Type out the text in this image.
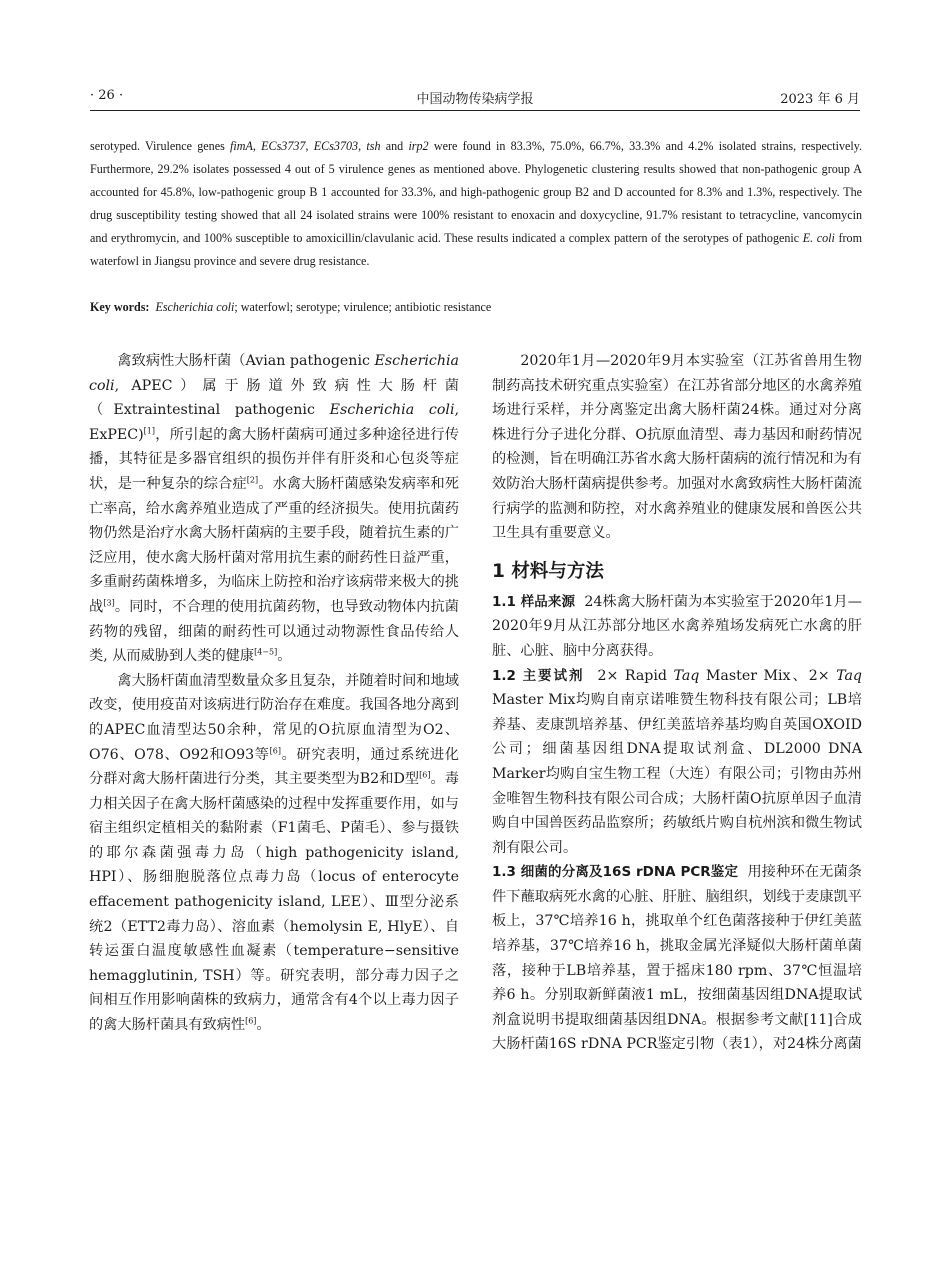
· 26 ·	中国动物传染病学报	2023 年 6 月

serotyped. Virulence genes fimA, ECs3737, ECs3703, tsh and irp2 were found in 83.3%, 75.0%, 66.7%, 33.3% and 4.2% isolated strains, respectively. Furthermore, 29.2% isolates possessed 4 out of 5 virulence genes as mentioned above. Phylogenetic clustering results showed that non-pathogenic group A accounted for 45.8%, low-pathogenic group B 1 accounted for 33.3%, and high-pathogenic group B2 and D accounted for 8.3% and 1.3%, respectively. The drug susceptibility testing showed that all 24 isolated strains were 100% resistant to enoxacin and doxycycline, 91.7% resistant to tetracycline, vancomycin and erythromycin, and 100% susceptible to amoxicillin/clavulanic acid. These results indicated a complex pattern of the serotypes of pathogenic E. coli from waterfowl in Jiangsu province and severe drug resistance.

Key words: Escherichia coli; waterfowl; serotype; virulence; antibiotic resistance

禽致病性大肠杆菌（Avian pathogenic Escherichia coli, APEC）属于肠道外致病性大肠杆菌（Extraintestinal pathogenic Escherichia coli, ExPEC)[1]，所引起的禽大肠杆菌病可通过多种途径进行传播，其特征是多器官组织的损伤并伴有肝炎和心包炎等症状，是一种复杂的综合症[2]。水禽大肠杆菌感染发病率和死亡率高，给水禽养殖业造成了严重的经济损失。使用抗菌药物仍然是治疗水禽大肠杆菌病的主要手段，随着抗生素的广泛应用，使水禽大肠杆菌对常用抗生素的耐药性日益严重，多重耐药菌株增多，为临床上防控和治疗该病带来极大的挑战[3]。同时，不合理的使用抗菌药物，也导致动物体内抗菌药物的残留，细菌的耐药性可以通过动物源性食品传给人类, 从而威胁到人类的健康[4−5]。

禽大肠杆菌血清型数量众多且复杂，并随着时间和地域改变，使用疫苗对该病进行防治存在难度。我国各地分离到的APEC血清型达50余种，常见的O抗原血清型为O2、O76、O78、O92和O93等[6]。研究表明，通过系统进化分群对禽大肠杆菌进行分类，其主要类型为B2和D型[6]。毒力相关因子在禽大肠杆菌感染的过程中发挥重要作用，如与宿主组织定植相关的黏附素（F1菌毛、P菌毛）、参与摄铁的耶尔森菌强毒力岛（high pathogenicity island, HPI）、肠细胞脱落位点毒力岛（locus of enterocyte effacement pathogenicity island, LEE）、Ⅲ型分泌系统2（ETT2毒力岛）、溶血素（hemolysin E, HlyE）、自转运蛋白温度敏感性血凝素（temperature−sensitive hemagglutinin, TSH）等。研究表明，部分毒力因子之间相互作用影响菌株的致病力，通常含有4个以上毒力因子的禽大肠杆菌具有致病性[6]。

2020年1月—2020年9月本实验室（江苏省兽用生物制药高技术研究重点实验室）在江苏省部分地区的水禽养殖场进行采样，并分离鉴定出禽大肠杆菌24株。通过对分离株进行分子进化分群、O抗原血清型、毒力基因和耐药情况的检测，旨在明确江苏省水禽大肠杆菌病的流行情况和为有效防治大肠杆菌病提供参考。加强对水禽致病性大肠杆菌流行病学的监测和防控，对水禽养殖业的健康发展和兽医公共卫生具有重要意义。

1 材料与方法

1.1 样品来源 24株禽大肠杆菌为本实验室于2020年1月—2020年9月从江苏部分地区水禽养殖场发病死亡水禽的肝脏、心脏、脑中分离获得。

1.2 主要试剂 2× Rapid Taq Master Mix、2× Taq Master Mix均购自南京诺唯赞生物科技有限公司；LB培养基、麦康凯培养基、伊红美蓝培养基均购自英国OXOID公司；细菌基因组DNA提取试剂盒、DL2000 DNA Marker均购自宝生物工程（大连）有限公司；引物由苏州金唯智生物科技有限公司合成；大肠杆菌O抗原单因子血清购自中国兽医药品监察所；药敏纸片购自杭州滨和微生物试剂有限公司。

1.3 细菌的分离及16S rDNA PCR鉴定 用接种环在无菌条件下蘸取病死水禽的心脏、肝脏、脑组织，划线于麦康凯平板上，37℃培养16 h，挑取单个红色菌落接种于伊红美蓝培养基，37℃培养16 h，挑取金属光泽疑似大肠杆菌单菌落，接种于LB培养基，置于摇床180 rpm、37℃恒温培养6 h。分别取新鲜菌液1 mL，按细菌基因组DNA提取试剂盒说明书提取细菌基因组DNA。根据参考文献[11]合成大肠杆菌16S rDNA PCR鉴定引物（表1），对24株分离菌
